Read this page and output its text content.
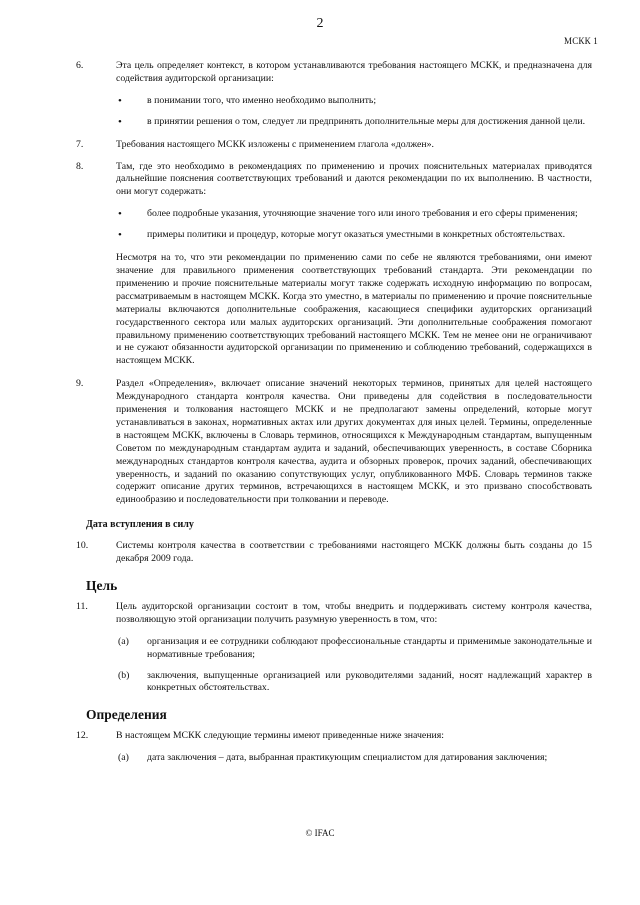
2
МСКК 1
6.	Эта цель определяет контекст, в котором устанавливаются требования настоящего МСКК, и предназначена для содействия аудиторской организации:
•	в понимании того, что именно необходимо выполнить;
•	в принятии решения о том, следует ли предпринять дополнительные меры для достижения данной цели.
7.	Требования настоящего МСКК изложены с применением глагола «должен».
8.	Там, где это необходимо в рекомендациях по применению и прочих пояснительных материалах приводятся дальнейшие пояснения соответствующих требований и даются рекомендации по их выполнению. В частности, они могут содержать:
•	более подробные указания, уточняющие значение того или иного требования и его сферы применения;
•	примеры политики и процедур, которые могут оказаться уместными в конкретных обстоятельствах.

Несмотря на то, что эти рекомендации по применению сами по себе не являются требованиями, они имеют значение для правильного применения соответствующих требований стандарта. Эти рекомендации по применению и прочие пояснительные материалы могут также содержать исходную информацию по вопросам, рассматриваемым в настоящем МСКК. Когда это уместно, в материалы по применению и прочие пояснительные материалы включаются дополнительные соображения, касающиеся специфики аудиторских организаций государственного сектора или малых аудиторских организаций. Эти дополнительные соображения помогают правильному применению соответствующих требований настоящего МСКК. Тем не менее они не ограничивают и не сужают обязанности аудиторской организации по применению и соблюдению требований, содержащихся в настоящем МСКК.

9.	Раздел «Определения», включает описание значений некоторых терминов, принятых для целей настоящего Международного стандарта контроля качества. Они приведены для содействия в последовательности применения и толкования настоящего МСКК и не предполагают замены определений, которые могут устанавливаться в законах, нормативных актах или других документах для иных целей. Термины, определенные в настоящем МСКК, включены в Словарь терминов, относящихся к Международным стандартам, выпущенным Советом по международным стандартам аудита и заданий, обеспечивающих уверенность, в составе Сборника международных стандартов контроля качества, аудита и обзорных проверок, прочих заданий, обеспечивающих уверенность, и заданий по оказанию сопутствующих услуг, опубликованного МФБ. Словарь терминов также содержит описание других терминов, встречающихся в настоящем МСКК, и это призвано способствовать единообразию и последовательности при толковании и переводе.
Дата вступления в силу
10.	Системы контроля качества в соответствии с требованиями настоящего МСКК должны быть созданы до 15 декабря 2009 года.
Цель
11.	Цель аудиторской организации состоит в том, чтобы внедрить и поддерживать систему контроля качества, позволяющую этой организации получить разумную уверенность в том, что:
(a) организация и ее сотрудники соблюдают профессиональные стандарты и применимые законодательные и нормативные требования;
(b) заключения, выпущенные организацией или руководителями заданий, носят надлежащий характер в конкретных обстоятельствах.
Определения
12.	В настоящем МСКК следующие термины имеют приведенные ниже значения:
(a) дата заключения – дата, выбранная практикующим специалистом для датирования заключения;
© IFAC
